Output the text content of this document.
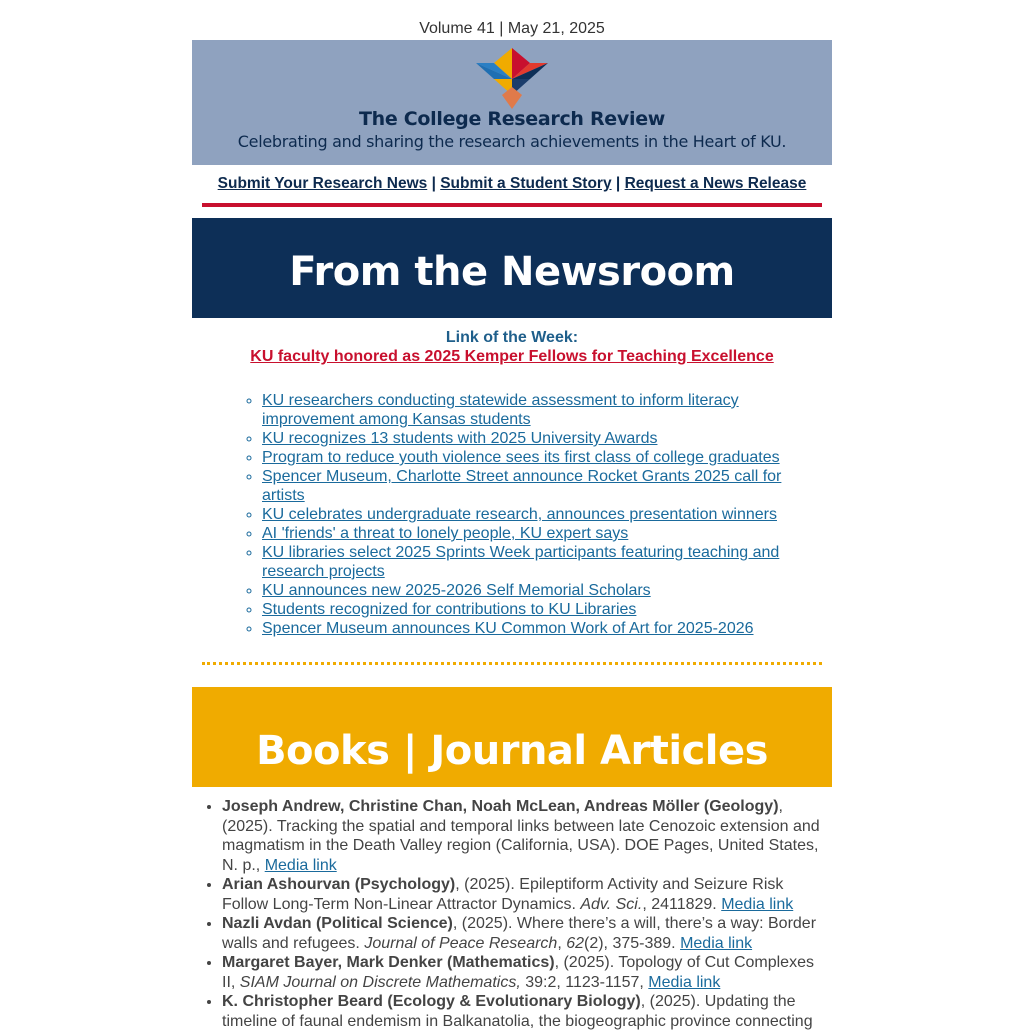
Volume 41 | May 21, 2025
The College Research Review
Celebrating and sharing the research achievements in the Heart of KU.
Submit Your Research News | Submit a Student Story | Request a News Release
From the Newsroom
Link of the Week:
KU faculty honored as 2025 Kemper Fellows for Teaching Excellence
◦ KU researchers conducting statewide assessment to inform literacy improvement among Kansas students
◦ KU recognizes 13 students with 2025 University Awards
◦ Program to reduce youth violence sees its first class of college graduates
◦ Spencer Museum, Charlotte Street announce Rocket Grants 2025 call for artists
◦ KU celebrates undergraduate research, announces presentation winners
◦ AI 'friends' a threat to lonely people, KU expert says
◦ KU libraries select 2025 Sprints Week participants featuring teaching and research projects
◦ KU announces new 2025-2026 Self Memorial Scholars
◦ Students recognized for contributions to KU Libraries
◦ Spencer Museum announces KU Common Work of Art for 2025-2026
Books | Journal Articles
• Joseph Andrew, Christine Chan, Noah McLean, Andreas Möller (Geology), (2025). Tracking the spatial and temporal links between late Cenozoic extension and magmatism in the Death Valley region (California, USA). DOE Pages, United States, N. p., Media link
• Arian Ashourvan (Psychology), (2025). Epileptiform Activity and Seizure Risk Follow Long-Term Non-Linear Attractor Dynamics. Adv. Sci., 2411829. Media link
• Nazli Avdan (Political Science), (2025). Where there’s a will, there’s a way: Border walls and refugees. Journal of Peace Research, 62(2), 375-389. Media link
• Margaret Bayer, Mark Denker (Mathematics), (2025). Topology of Cut Complexes II, SIAM Journal on Discrete Mathematics, 39:2, 1123-1157, Media link
• K. Christopher Beard (Ecology & Evolutionary Biology), (2025). Updating the timeline of faunal endemism in Balkanatolia, the biogeographic province connecting
